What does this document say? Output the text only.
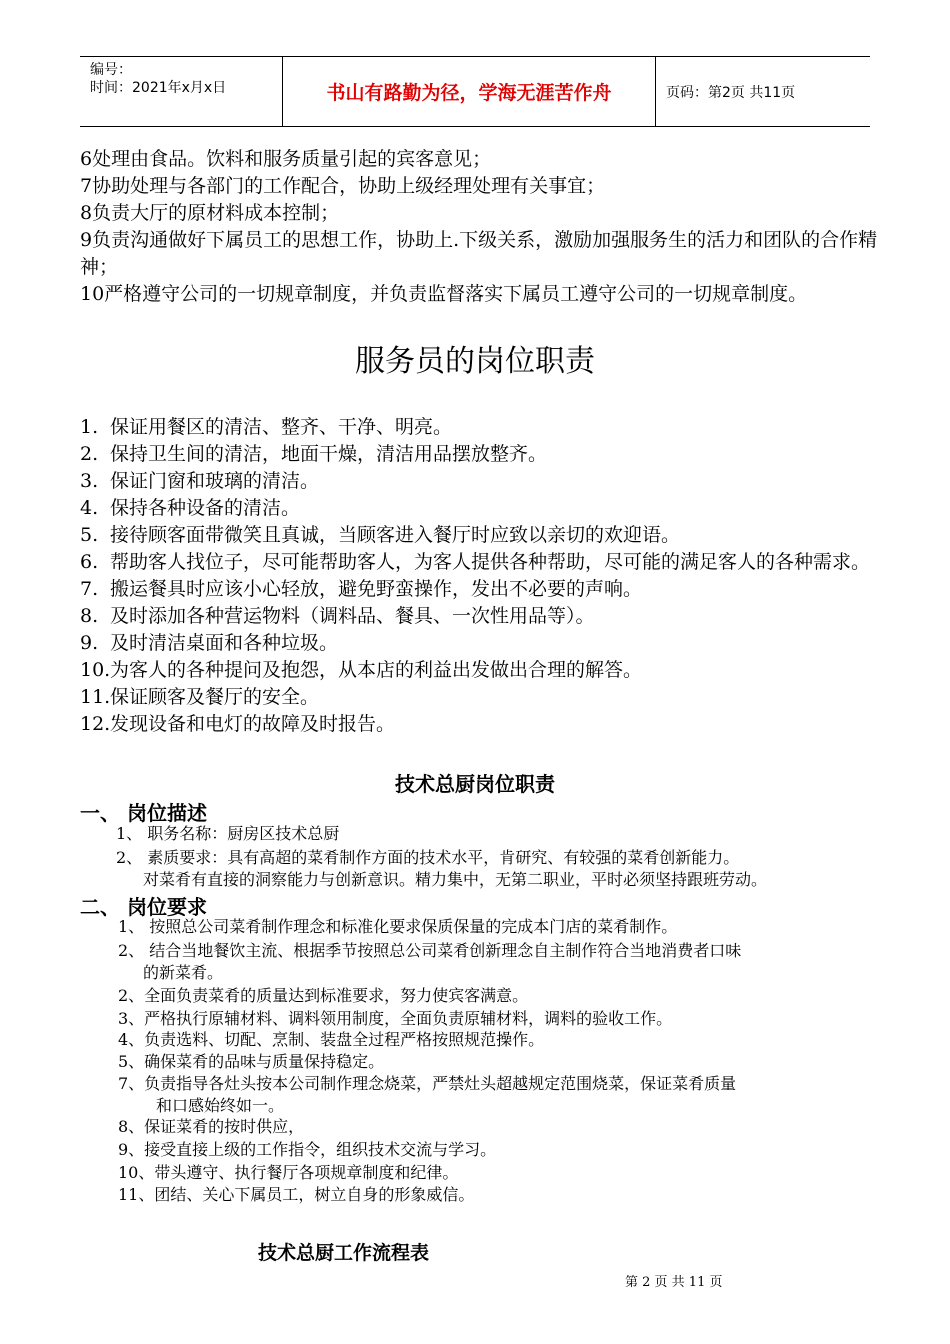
编号：
时间：2021年x月x日	书山有路勤为径，学海无涯苦作舟	页码：第2页 共11页
6处理由食品。饮料和服务质量引起的宾客意见；
7协助处理与各部门的工作配合，协助上级经理处理有关事宜；
8负责大厅的原材料成本控制；
9负责沟通做好下属员工的思想工作，协助上.下级关系，激励加强服务生的活力和团队的合作精神；
10严格遵守公司的一切规章制度，并负责监督落实下属员工遵守公司的一切规章制度。
服务员的岗位职责
1. 保证用餐区的清洁、整齐、干净、明亮。
2. 保持卫生间的清洁，地面干燥，清洁用品摆放整齐。
3. 保证门窗和玻璃的清洁。
4. 保持各种设备的清洁。
5. 接待顾客面带微笑且真诚，当顾客进入餐厅时应致以亲切的欢迎语。
6. 帮助客人找位子，尽可能帮助客人，为客人提供各种帮助，尽可能的满足客人的各种需求。
7. 搬运餐具时应该小心轻放，避免野蛮操作，发出不必要的声响。
8. 及时添加各种营运物料（调料品、餐具、一次性用品等）。
9. 及时清洁桌面和各种垃圾。
10. 为客人的各种提问及抱怨，从本店的利益出发做出合理的解答。
11. 保证顾客及餐厅的安全。
12. 发现设备和电灯的故障及时报告。
技术总厨岗位职责
一、 岗位描述
1、 职务名称：厨房区技术总厨
2、 素质要求：具有高超的菜肴制作方面的技术水平，肯研究、有较强的菜肴创新能力。
对菜肴有直接的洞察能力与创新意识。精力集中，无第二职业，平时必须坚持跟班劳动。
二、 岗位要求
1、 按照总公司菜肴制作理念和标准化要求保质保量的完成本门店的菜肴制作。
2、 结合当地餐饮主流、根据季节按照总公司菜肴创新理念自主制作符合当地消费者口味
的新菜肴。
2、全面负责菜肴的质量达到标准要求，努力使宾客满意。
3、严格执行原辅材料、调料领用制度，全面负责原辅材料，调料的验收工作。
4、负责选料、切配、烹制、装盘全过程严格按照规范操作。
5、确保菜肴的品味与质量保持稳定。
7、负责指导各灶头按本公司制作理念烧菜，严禁灶头超越规定范围烧菜，保证菜肴质量
和口感始终如一。
8、保证菜肴的按时供应，
9、接受直接上级的工作指令，组织技术交流与学习。
10、带头遵守、执行餐厅各项规章制度和纪律。
11、团结、关心下属员工，树立自身的形象威信。
技术总厨工作流程表
第 2 页 共 11 页
